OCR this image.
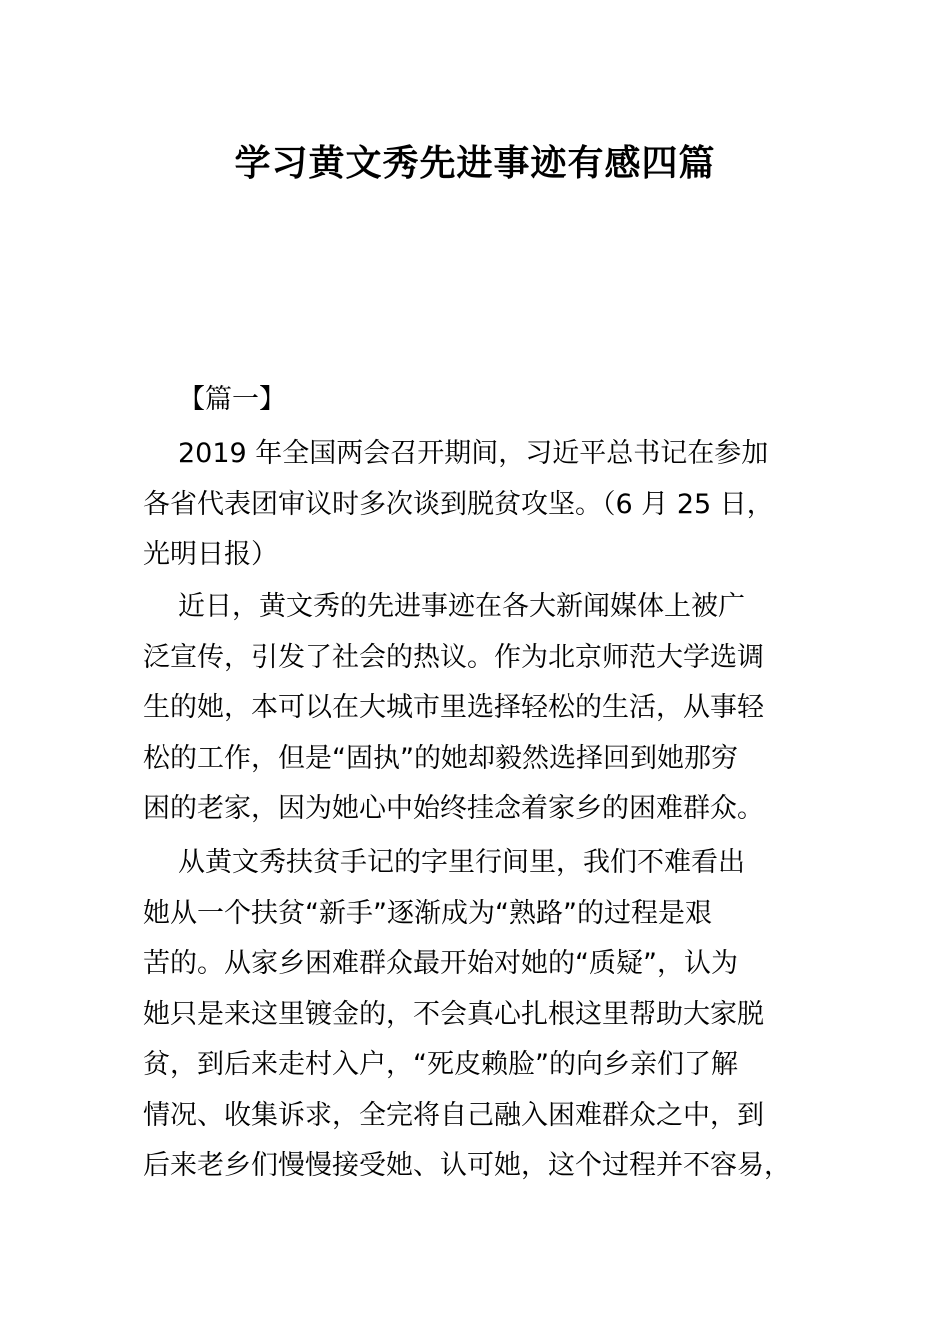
学习黄文秀先进事迹有感四篇
【篇一】
2019 年全国两会召开期间，习近平总书记在参加
各省代表团审议时多次谈到脱贫攻坚。（6 月 25 日，
光明日报）
近日，黄文秀的先进事迹在各大新闻媒体上被广
泛宣传，引发了社会的热议。作为北京师范大学选调
生的她，本可以在大城市里选择轻松的生活，从事轻
松的工作，但是“固执”的她却毅然选择回到她那穷
困的老家，因为她心中始终挂念着家乡的困难群众。
从黄文秀扶贫手记的字里行间里，我们不难看出
她从一个扶贫“新手”逐渐成为“熟路”的过程是艰
苦的。从家乡困难群众最开始对她的“质疑”，认为
她只是来这里镀金的，不会真心扎根这里帮助大家脱
贫，到后来走村入户，“死皮赖脸”的向乡亲们了解
情况、收集诉求，全完将自己融入困难群众之中，到
后来老乡们慢慢接受她、认可她，这个过程并不容易，
